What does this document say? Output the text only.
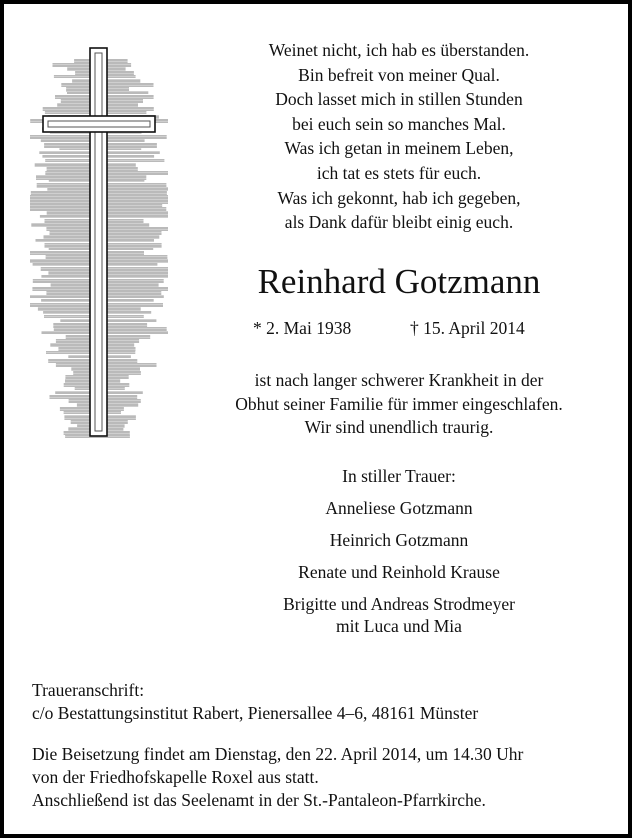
Weinet nicht, ich hab es überstanden.
Bin befreit von meiner Qual.
Doch lasset mich in stillen Stunden
bei euch sein so manches Mal.
Was ich getan in meinem Leben,
ich tat es stets für euch.
Was ich gekonnt, hab ich gegeben,
als Dank dafür bleibt einig euch.
Reinhard Gotzmann
* 2. Mai 1938	† 15. April 2014
ist nach langer schwerer Krankheit in der
Obhut seiner Familie für immer eingeschlafen.
Wir sind unendlich traurig.
In stiller Trauer:
Anneliese Gotzmann
Heinrich Gotzmann
Renate und Reinhold Krause
Brigitte und Andreas Strodmeyer
mit Luca und Mia
Traueranschrift:
c/o Bestattungsinstitut Rabert, Pienersallee 4–6, 48161 Münster
Die Beisetzung findet am Dienstag, den 22. April 2014, um 14.30 Uhr
von der Friedhofskapelle Roxel aus statt.
Anschließend ist das Seelenamt in der St.-Pantaleon-Pfarrkirche.
